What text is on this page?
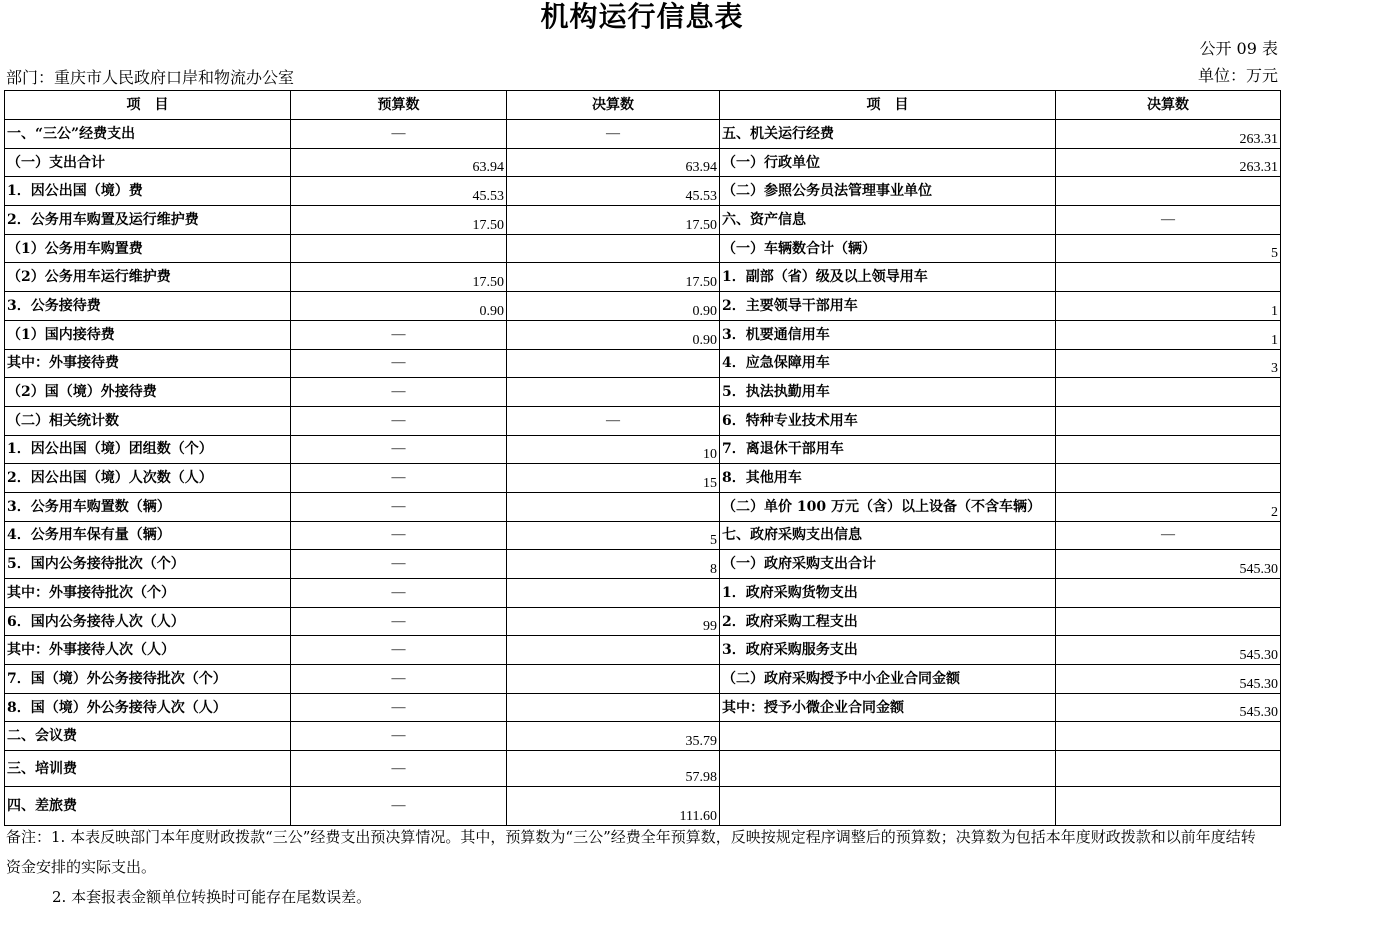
机构运行信息表
公开 09 表
部门：重庆市人民政府口岸和物流办公室	单位：万元
项　目	预算数	决算数	项　目	决算数
一、“三公”经费支出	—	—	五、机关运行经费	263.31
（一）支出合计	63.94	63.94	（一）行政单位	263.31
1．因公出国（境）费	45.53	45.53	（二）参照公务员法管理事业单位	
2．公务用车购置及运行维护费	17.50	17.50	六、资产信息	—
（1）公务用车购置费			（一）车辆数合计（辆）	5
（2）公务用车运行维护费	17.50	17.50	1．副部（省）级及以上领导用车	
3．公务接待费	0.90	0.90	2．主要领导干部用车	1
（1）国内接待费	—	0.90	3．机要通信用车	1
其中：外事接待费	—		4．应急保障用车	3
（2）国（境）外接待费	—		5．执法执勤用车	
（二）相关统计数	—	—	6．特种专业技术用车	
1．因公出国（境）团组数（个）	—	10	7．离退休干部用车	
2．因公出国（境）人次数（人）	—	15	8．其他用车	
3．公务用车购置数（辆）	—		（二）单价 100 万元（含）以上设备（不含车辆）	2
4．公务用车保有量（辆）	—	5	七、政府采购支出信息	—
5．国内公务接待批次（个）	—	8	（一）政府采购支出合计	545.30
其中：外事接待批次（个）	—		1．政府采购货物支出	
6．国内公务接待人次（人）	—	99	2．政府采购工程支出	
其中：外事接待人次（人）	—		3．政府采购服务支出	545.30
7．国（境）外公务接待批次（个）	—		（二）政府采购授予中小企业合同金额	545.30
8．国（境）外公务接待人次（人）	—		其中：授予小微企业合同金额	545.30
二、会议费	—	35.79		
三、培训费	—	57.98		
四、差旅费	—	111.60		

备注：1. 本表反映部门本年度财政拨款“三公”经费支出预决算情况。其中，预算数为“三公”经费全年预算数，反映按规定程序调整后的预算数；决算数为包括本年度财政拨款和以前年度结转

资金安排的实际支出。

2. 本套报表金额单位转换时可能存在尾数误差。
